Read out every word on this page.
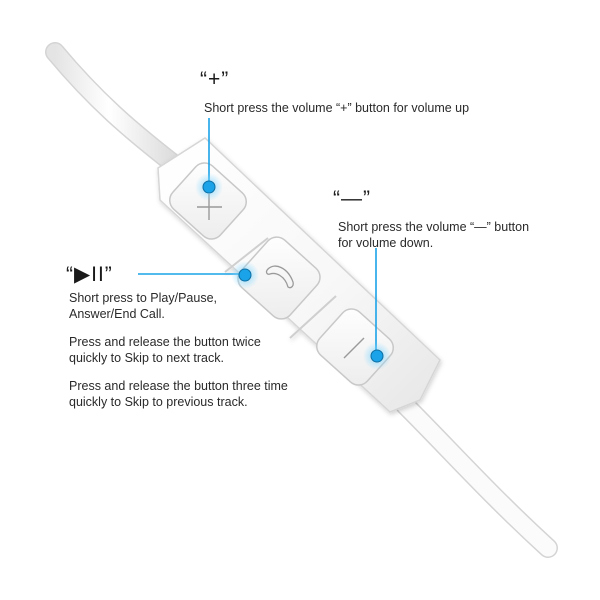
“+”
Short press the volume “+” button for volume up
“—”
Short press the volume “—” button
for volume down.
“▶II”
Short press to Play/Pause,
Answer/End Call.
Press and release the button twice
quickly to Skip to next track.
Press and release the button three time
quickly to Skip to previous track.
